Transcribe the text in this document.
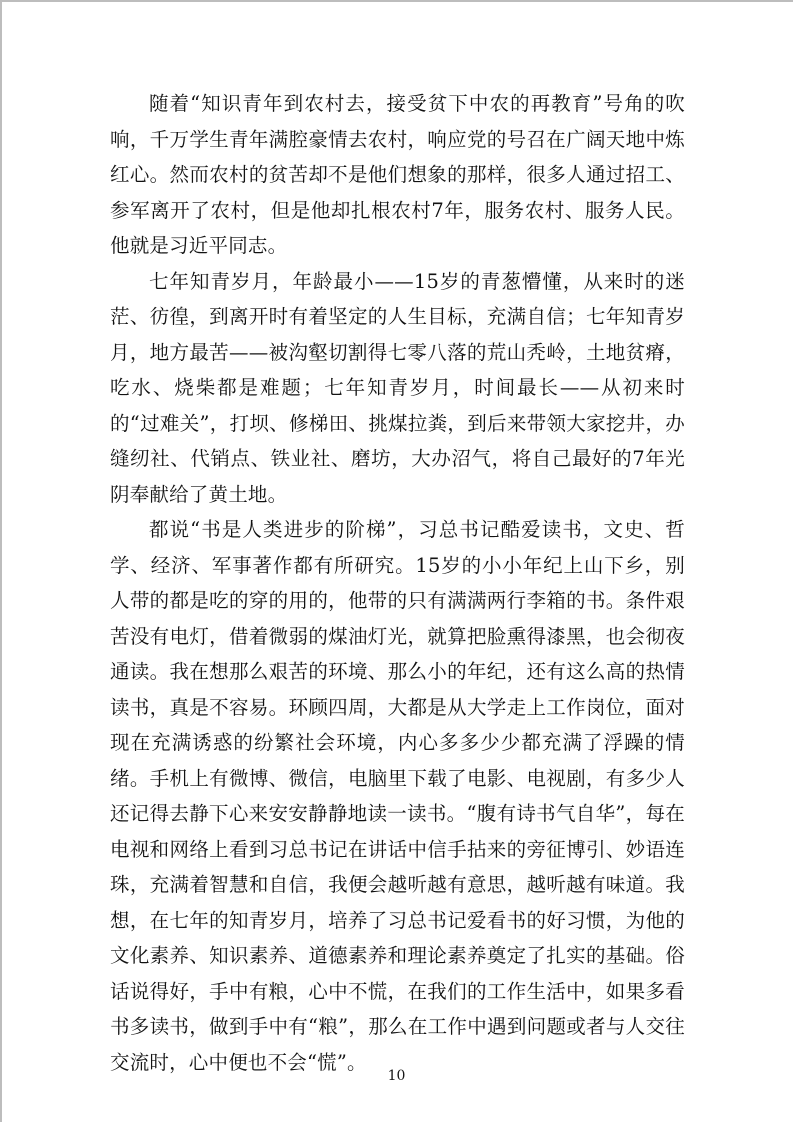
随着“知识青年到农村去，接受贫下中农的再教育”号角的吹响，千万学生青年满腔豪情去农村，响应党的号召在广阔天地中炼红心。然而农村的贫苦却不是他们想象的那样，很多人通过招工、参军离开了农村，但是他却扎根农村7年，服务农村、服务人民。他就是习近平同志。

七年知青岁月，年龄最小——15岁的青葱懵懂，从来时的迷茫、彷徨，到离开时有着坚定的人生目标，充满自信；七年知青岁月，地方最苦——被沟壑切割得七零八落的荒山秃岭，土地贫瘠，吃水、烧柴都是难题；七年知青岁月，时间最长——从初来时的“过难关”，打坝、修梯田、挑煤拉粪，到后来带领大家挖井，办缝纫社、代销点、铁业社、磨坊，大办沼气，将自己最好的7年光阴奉献给了黄土地。

都说“书是人类进步的阶梯”，习总书记酷爱读书，文史、哲学、经济、军事著作都有所研究。15岁的小小年纪上山下乡，别人带的都是吃的穿的用的，他带的只有满满两行李箱的书。条件艰苦没有电灯，借着微弱的煤油灯光，就算把脸熏得漆黑，也会彻夜通读。我在想那么艰苦的环境、那么小的年纪，还有这么高的热情读书，真是不容易。环顾四周，大都是从大学走上工作岗位，面对现在充满诱惑的纷繁社会环境，内心多多少少都充满了浮躁的情绪。手机上有微博、微信，电脑里下载了电影、电视剧，有多少人还记得去静下心来安安静静地读一读书。“腹有诗书气自华”，每在电视和网络上看到习总书记在讲话中信手拈来的旁征博引、妙语连珠，充满着智慧和自信，我便会越听越有意思，越听越有味道。我想，在七年的知青岁月，培养了习总书记爱看书的好习惯，为他的文化素养、知识素养、道德素养和理论素养奠定了扎实的基础。俗话说得好，手中有粮，心中不慌，在我们的工作生活中，如果多看书多读书，做到手中有“粮”，那么在工作中遇到问题或者与人交往交流时，心中便也不会“慌”。

10
